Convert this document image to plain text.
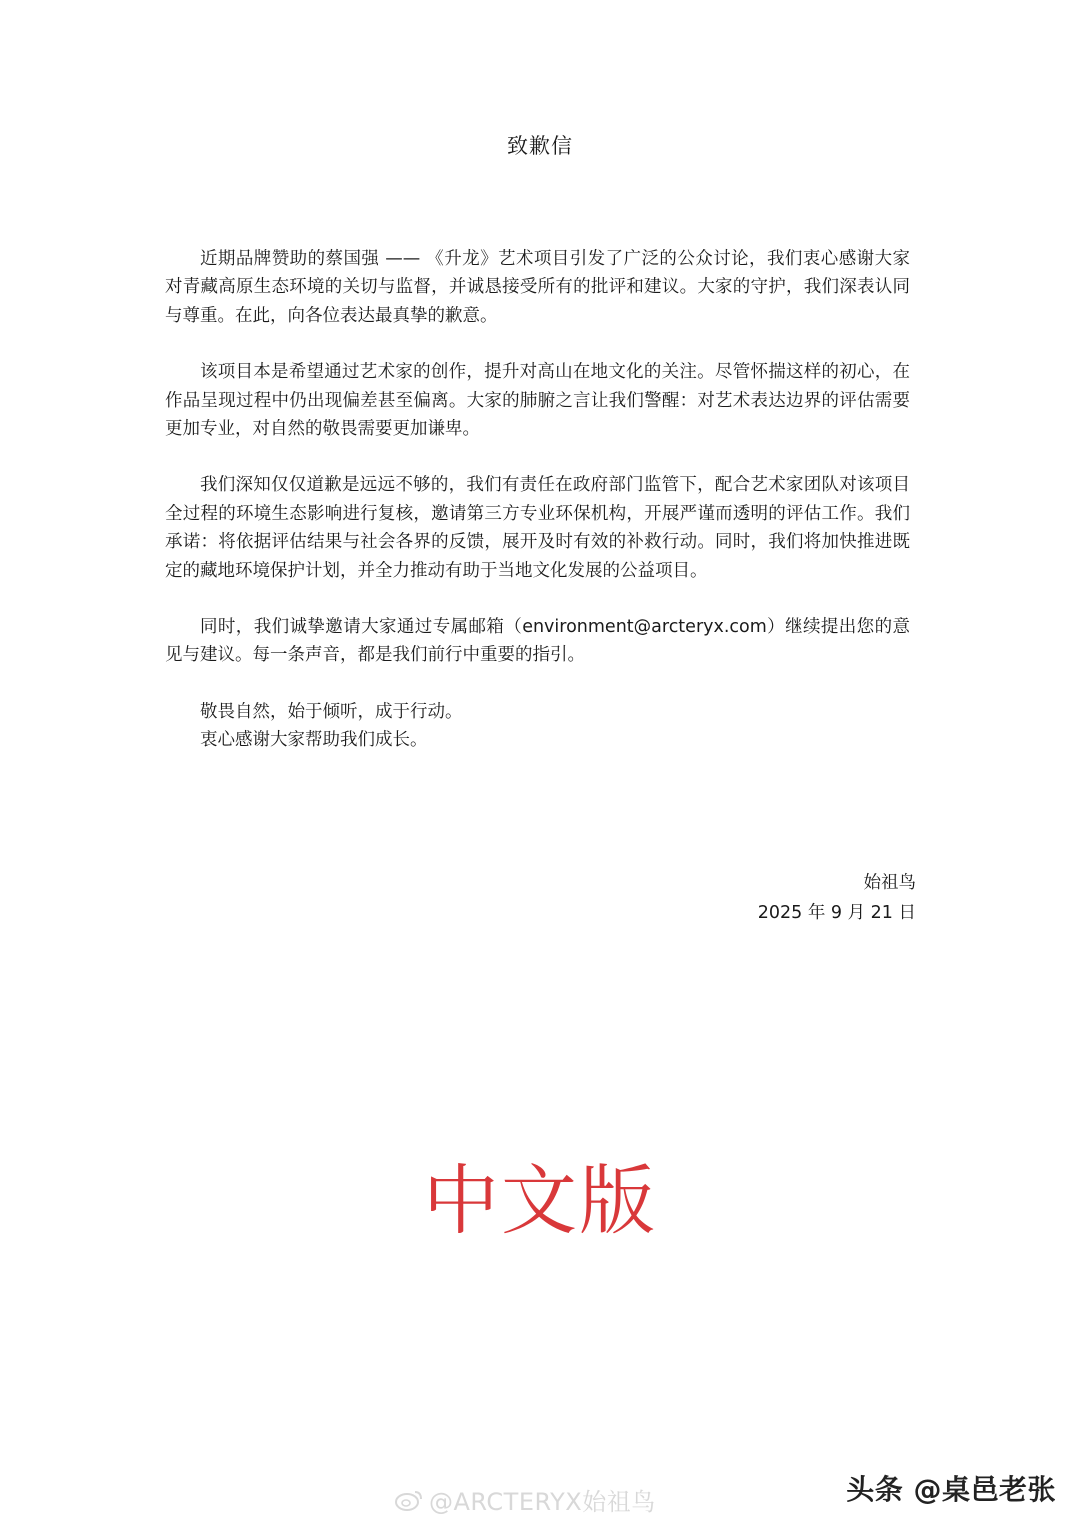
致歉信

近期品牌赞助的蔡国强 —— 《升龙》艺术项目引发了广泛的公众讨论，我们衷心感谢大家对青藏高原生态环境的关切与监督，并诚恳接受所有的批评和建议。大家的守护，我们深表认同与尊重。在此，向各位表达最真挚的歉意。

该项目本是希望通过艺术家的创作，提升对高山在地文化的关注。尽管怀揣这样的初心，在作品呈现过程中仍出现偏差甚至偏离。大家的肺腑之言让我们警醒：对艺术表达边界的评估需要更加专业，对自然的敬畏需要更加谦卑。

我们深知仅仅道歉是远远不够的，我们有责任在政府部门监管下，配合艺术家团队对该项目全过程的环境生态影响进行复核，邀请第三方专业环保机构，开展严谨而透明的评估工作。我们承诺：将依据评估结果与社会各界的反馈，展开及时有效的补救行动。同时，我们将加快推进既定的藏地环境保护计划，并全力推动有助于当地文化发展的公益项目。

同时，我们诚挚邀请大家通过专属邮箱（environment@arcteryx.com）继续提出您的意见与建议。每一条声音，都是我们前行中重要的指引。

敬畏自然，始于倾听，成于行动。
衷心感谢大家帮助我们成长。
始祖鸟
2025 年 9 月 21 日
中文版
@ARCTERYX始祖鸟	头条 @桌邑老张
